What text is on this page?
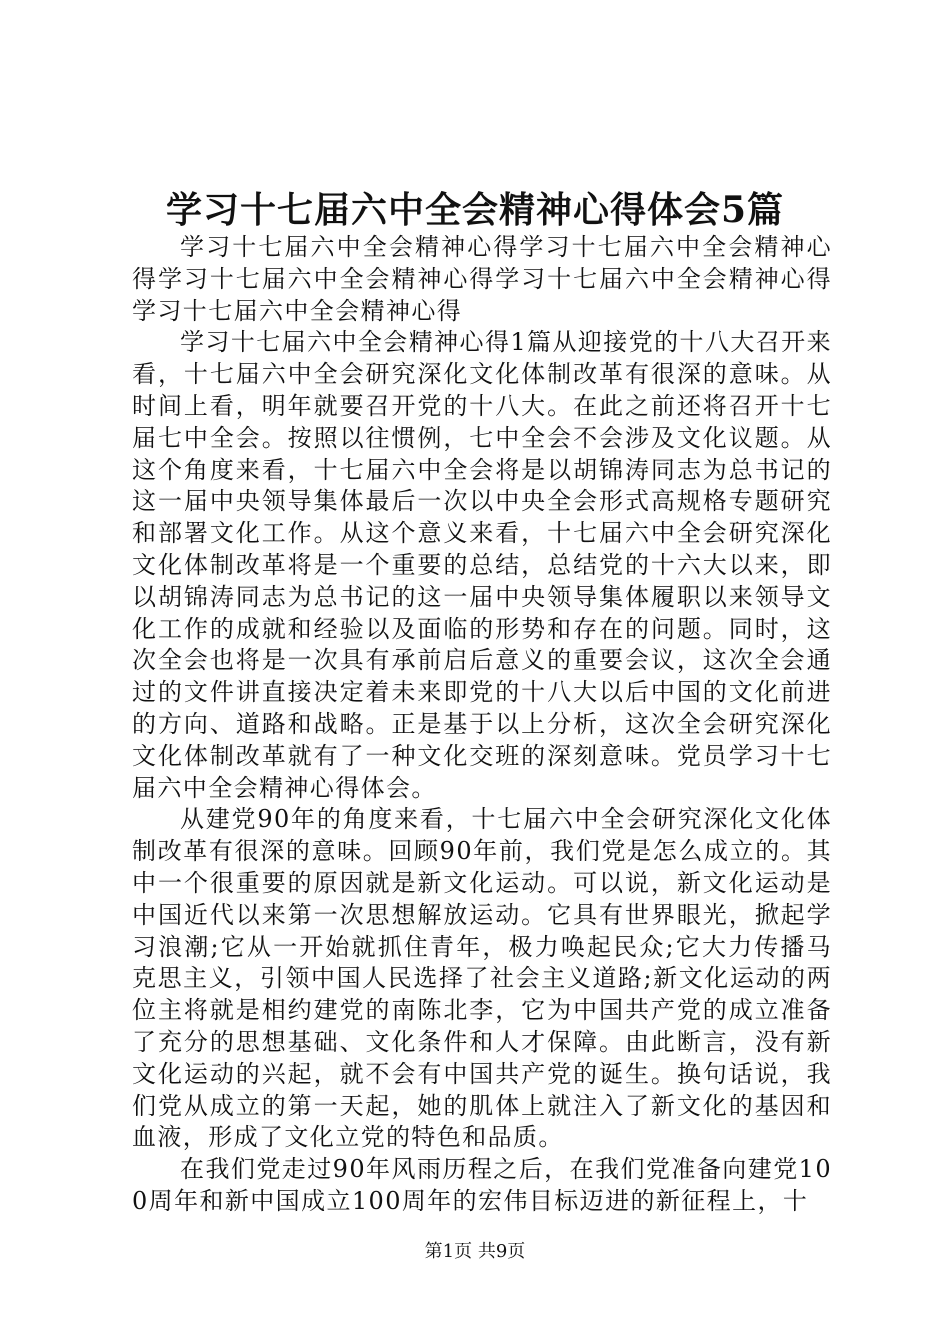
学习十七届六中全会精神心得体会5篇

学习十七届六中全会精神心得学习十七届六中全会精神心得学习十七届六中全会精神心得学习十七届六中全会精神心得学习十七届六中全会精神心得

学习十七届六中全会精神心得1篇从迎接党的十八大召开来看，十七届六中全会研究深化文化体制改革有很深的意味。从时间上看，明年就要召开党的十八大。在此之前还将召开十七届七中全会。按照以往惯例，七中全会不会涉及文化议题。从这个角度来看，十七届六中全会将是以胡锦涛同志为总书记的这一届中央领导集体最后一次以中央全会形式高规格专题研究和部署文化工作。从这个意义来看，十七届六中全会研究深化文化体制改革将是一个重要的总结，总结党的十六大以来，即以胡锦涛同志为总书记的这一届中央领导集体履职以来领导文化工作的成就和经验以及面临的形势和存在的问题。同时，这次全会也将是一次具有承前启后意义的重要会议，这次全会通过的文件讲直接决定着未来即党的十八大以后中国的文化前进的方向、道路和战略。正是基于以上分析，这次全会研究深化文化体制改革就有了一种文化交班的深刻意味。党员学习十七届六中全会精神心得体会。

从建党90年的角度来看，十七届六中全会研究深化文化体制改革有很深的意味。回顾90年前，我们党是怎么成立的。其中一个很重要的原因就是新文化运动。可以说，新文化运动是中国近代以来第一次思想解放运动。它具有世界眼光，掀起学习浪潮;它从一开始就抓住青年，极力唤起民众;它大力传播马克思主义，引领中国人民选择了社会主义道路;新文化运动的两位主将就是相约建党的南陈北李，它为中国共产党的成立准备了充分的思想基础、文化条件和人才保障。由此断言，没有新文化运动的兴起，就不会有中国共产党的诞生。换句话说，我们党从成立的第一天起，她的肌体上就注入了新文化的基因和血液，形成了文化立党的特色和品质。

在我们党走过90年风雨历程之后，在我们党准备向建党100周年和新中国成立100周年的宏伟目标迈进的新征程上，十

第1页 共9页
